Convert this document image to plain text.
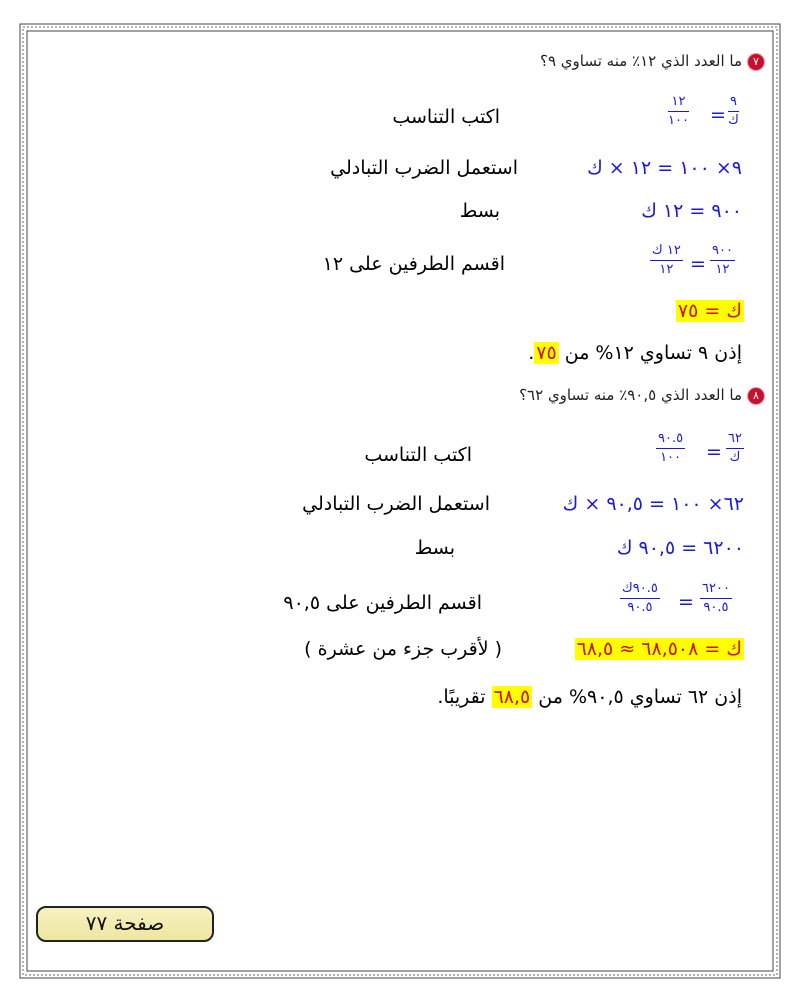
٧ما العدد الذي ١٢٪ منه تساوي ٩؟
٩
ك
=
١٢
١٠٠
اكتب التناسب
٩× ١٠٠ = ١٢ × ك
استعمل الضرب التبادلي
٩٠٠ = ١٢ ك
بسط
٩٠٠
١٢
=
١٢ ك
١٢
اقسم الطرفين على ١٢
ك = ٧٥
إذن ٩ تساوي ١٢% من ٧٥.
٨ما العدد الذي ٩٠,٥٪ منه تساوي ٦٢؟
٦٢
ك
=
٩٠.٥
١٠٠
اكتب التناسب
٦٢× ١٠٠ = ٩٠,٥ × ك
استعمل الضرب التبادلي
٦٢٠٠ = ٩٠,٥ ك
بسط
٦٢٠٠
٩٠.٥
=
٩٠.٥ك
٩٠.٥
اقسم الطرفين على ٩٠,٥
ك = ٦٨,٥٠٨ ≈ ٦٨,٥
( لأقرب جزء من عشرة )
إذن ٦٢ تساوي ٩٠,٥% من ٦٨,٥ تقريبًا.
صفحة ٧٧
